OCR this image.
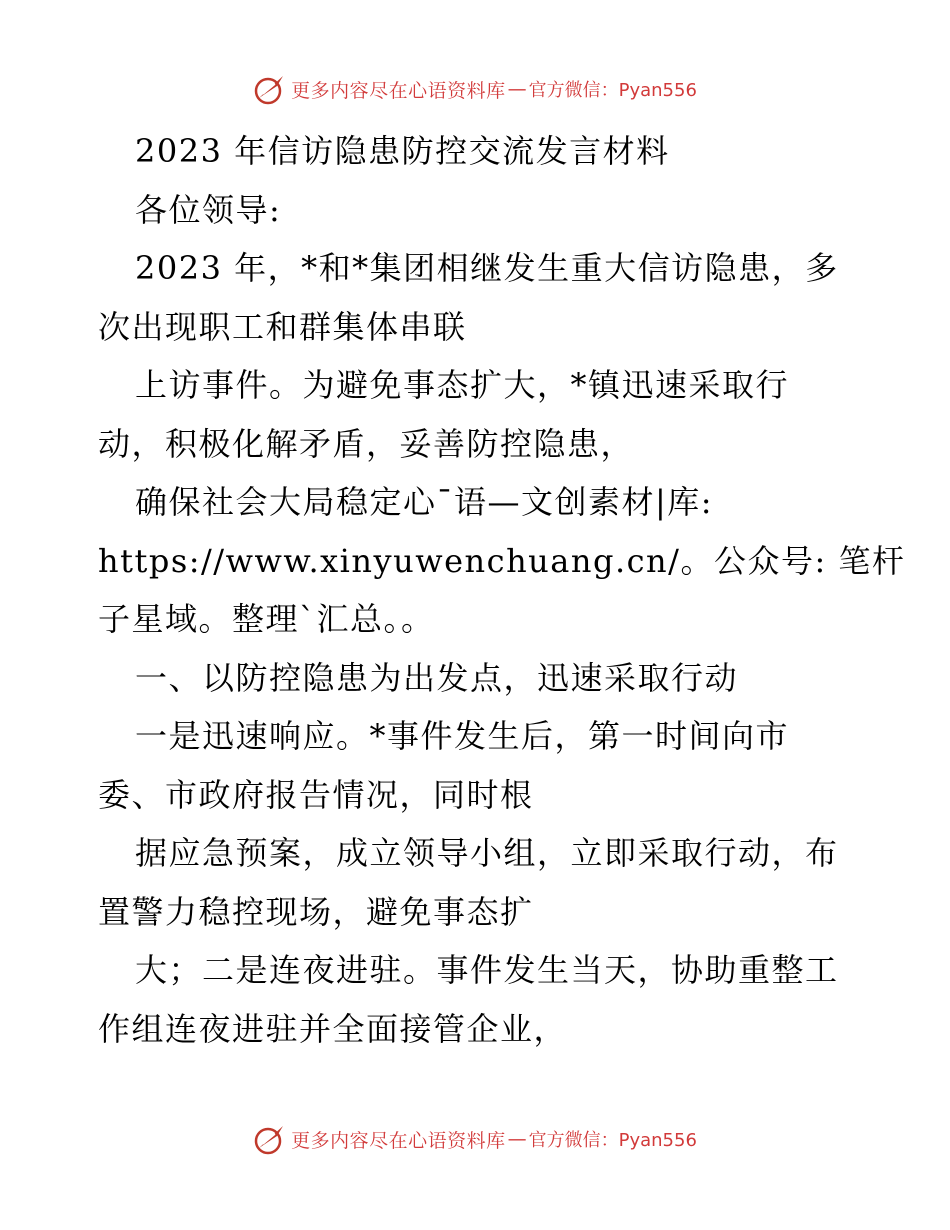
更多内容尽在心语资料库 — 官方微信：Pyan556
2023 年信访隐患防控交流发言材料
各位领导:
2023 年，*和*集团相继发生重大信访隐患，多
次出现职工和群集体串联
上访事件。为避免事态扩大，*镇迅速采取行
动，积极化解矛盾，妥善防控隐患，
确保社会大局稳定心¯语—文创素材|库:
https://www.xinyuwenchuang.cn/。公众号: 笔杆
子星域。整理`汇总。。
一、以防控隐患为出发点，迅速采取行动
一是迅速响应。*事件发生后，第一时间向市
委、市政府报告情况，同时根
据应急预案，成立领导小组，立即采取行动，布
置警力稳控现场，避免事态扩
大；二是连夜进驻。事件发生当天，协助重整工
作组连夜进驻并全面接管企业，
更多内容尽在心语资料库 — 官方微信：Pyan556
